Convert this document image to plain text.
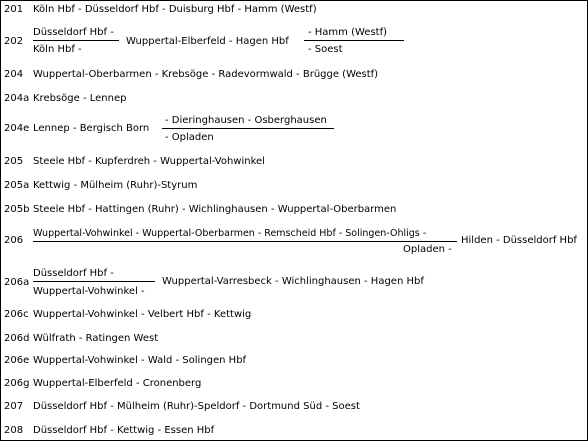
201 Köln Hbf - Düsseldorf Hbf - Duisburg Hbf - Hamm (Westf)
202
Düsseldorf Hbf -
Köln Hbf -
Wuppertal-Elberfeld - Hagen Hbf
- Hamm (Westf)
- Soest
204 Wuppertal-Oberbarmen - Krebsöge - Radevormwald - Brügge (Westf)
204a Krebsöge - Lennep
204e Lennep - Bergisch Born
- Dieringhausen - Osberghausen
- Opladen
205 Steele Hbf - Kupferdreh - Wuppertal-Vohwinkel
205a Kettwig - Mülheim (Ruhr)-Styrum
205b Steele Hbf - Hattingen (Ruhr) - Wichlinghausen - Wuppertal-Oberbarmen
206
Wuppertal-Vohwinkel - Wuppertal-Oberbarmen - Remscheid Hbf - Solingen-Ohligs -
Opladen -
Hilden - Düsseldorf Hbf
206a
Düsseldorf Hbf -
Wuppertal-Vohwinkel -
Wuppertal-Varresbeck - Wichlinghausen - Hagen Hbf
206c Wuppertal-Vohwinkel - Velbert Hbf - Kettwig
206d Wülfrath - Ratingen West
206e Wuppertal-Vohwinkel - Wald - Solingen Hbf
206g Wuppertal-Elberfeld - Cronenberg
207 Düsseldorf Hbf - Mülheim (Ruhr)-Speldorf - Dortmund Süd - Soest
208 Düsseldorf Hbf - Kettwig - Essen Hbf
